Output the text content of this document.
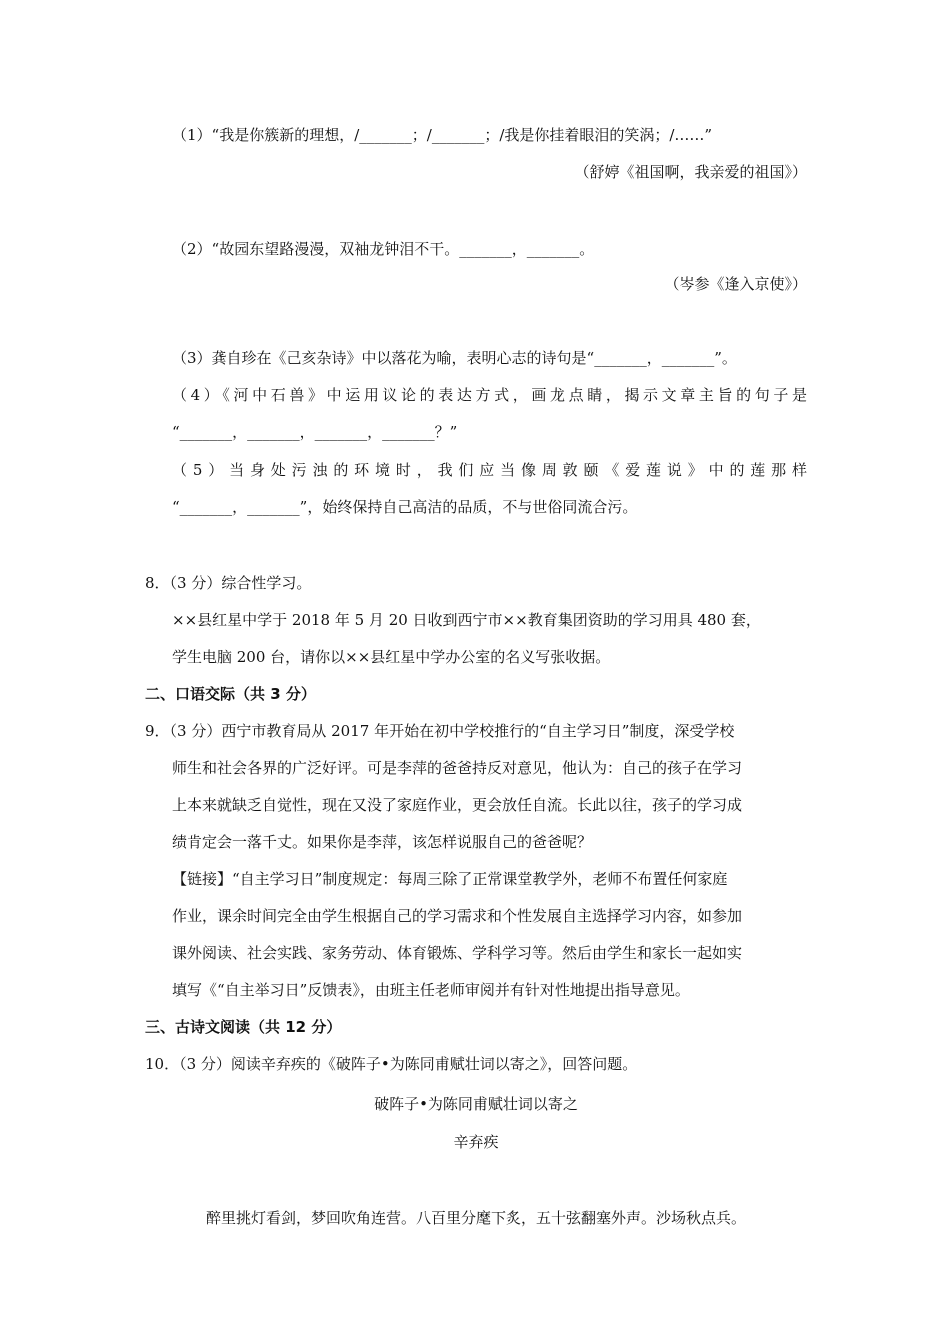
（1）“我是你簇新的理想，/_______；/_______；/我是你挂着眼泪的笑涡；/……”
（舒婷《祖国啊，我亲爱的祖国》）
（2）“故园东望路漫漫，双袖龙钟泪不干。_______，_______。
（岑参《逢入京使》）
（3）龚自珍在《己亥杂诗》中以落花为喻，表明心志的诗句是“_______，_______”。
（4）《河中石兽》中运用议论的表达方式，画龙点睛，揭示文章主旨的句子是
“_______，_______，_______，_______？”
（5）当身处污浊的环境时，我们应当像周敦颐《爱莲说》中的莲那样
“_______，_______”，始终保持自己高洁的品质，不与世俗同流合污。
8．（3 分）综合性学习。
××县红星中学于 2018 年 5 月 20 日收到西宁市××教育集团资助的学习用具 480 套，
学生电脑 200 台，请你以××县红星中学办公室的名义写张收据。
二、口语交际（共 3 分）
9．（3 分）西宁市教育局从 2017 年开始在初中学校推行的“自主学习日”制度，深受学校
师生和社会各界的广泛好评。可是李萍的爸爸持反对意见，他认为：自己的孩子在学习
上本来就缺乏自觉性，现在又没了家庭作业，更会放任自流。长此以往，孩子的学习成
绩肯定会一落千丈。如果你是李萍，该怎样说服自己的爸爸呢？
【链接】“自主学习日”制度规定：每周三除了正常课堂教学外，老师不布置任何家庭
作业，课余时间完全由学生根据自己的学习需求和个性发展自主选择学习内容，如参加
课外阅读、社会实践、家务劳动、体育锻炼、学科学习等。然后由学生和家长一起如实
填写《“自主举习日”反馈表》，由班主任老师审阅并有针对性地提出指导意见。
三、古诗文阅读（共 12 分）
10．（3 分）阅读辛弃疾的《破阵子•为陈同甫赋壮词以寄之》，回答问题。
破阵子•为陈同甫赋壮词以寄之
辛弃疾
醉里挑灯看剑，梦回吹角连营。八百里分麾下炙，五十弦翻塞外声。沙场秋点兵。
